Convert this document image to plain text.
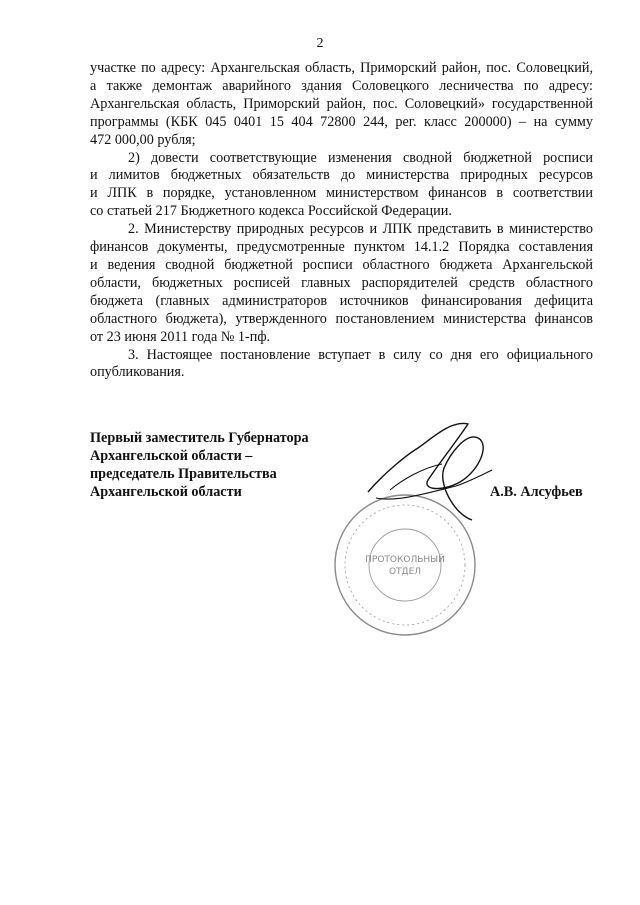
2

участке по адресу: Архангельская область, Приморский район, пос. Соловецкий,
а также демонтаж аварийного здания Соловецкого лесничества по адресу:
Архангельская область, Приморский район, пос. Соловецкий» государственной
программы (КБК 045 0401 15 404 72800 244, рег. класс 200000) – на сумму
472 000,00 рубля;

2) довести соответствующие изменения сводной бюджетной росписи
и лимитов бюджетных обязательств до министерства природных ресурсов
и ЛПК в порядке, установленном министерством финансов в соответствии
со статьей 217 Бюджетного кодекса Российской Федерации.

2. Министерству природных ресурсов и ЛПК представить в министерство
финансов документы, предусмотренные пунктом 14.1.2 Порядка составления
и ведения сводной бюджетной росписи областного бюджета Архангельской
области, бюджетных росписей главных распорядителей средств областного
бюджета (главных администраторов источников финансирования дефицита
областного бюджета), утвержденного постановлением министерства финансов
от 23 июня 2011 года № 1-пф.

3. Настоящее постановление вступает в силу со дня его официального
опубликования.

Первый заместитель Губернатора
Архангельской области –
председатель Правительства
Архангельской области	А.В. Алсуфьев
ПРОТОКОЛЬНЫЙ
ОТДЕЛ
